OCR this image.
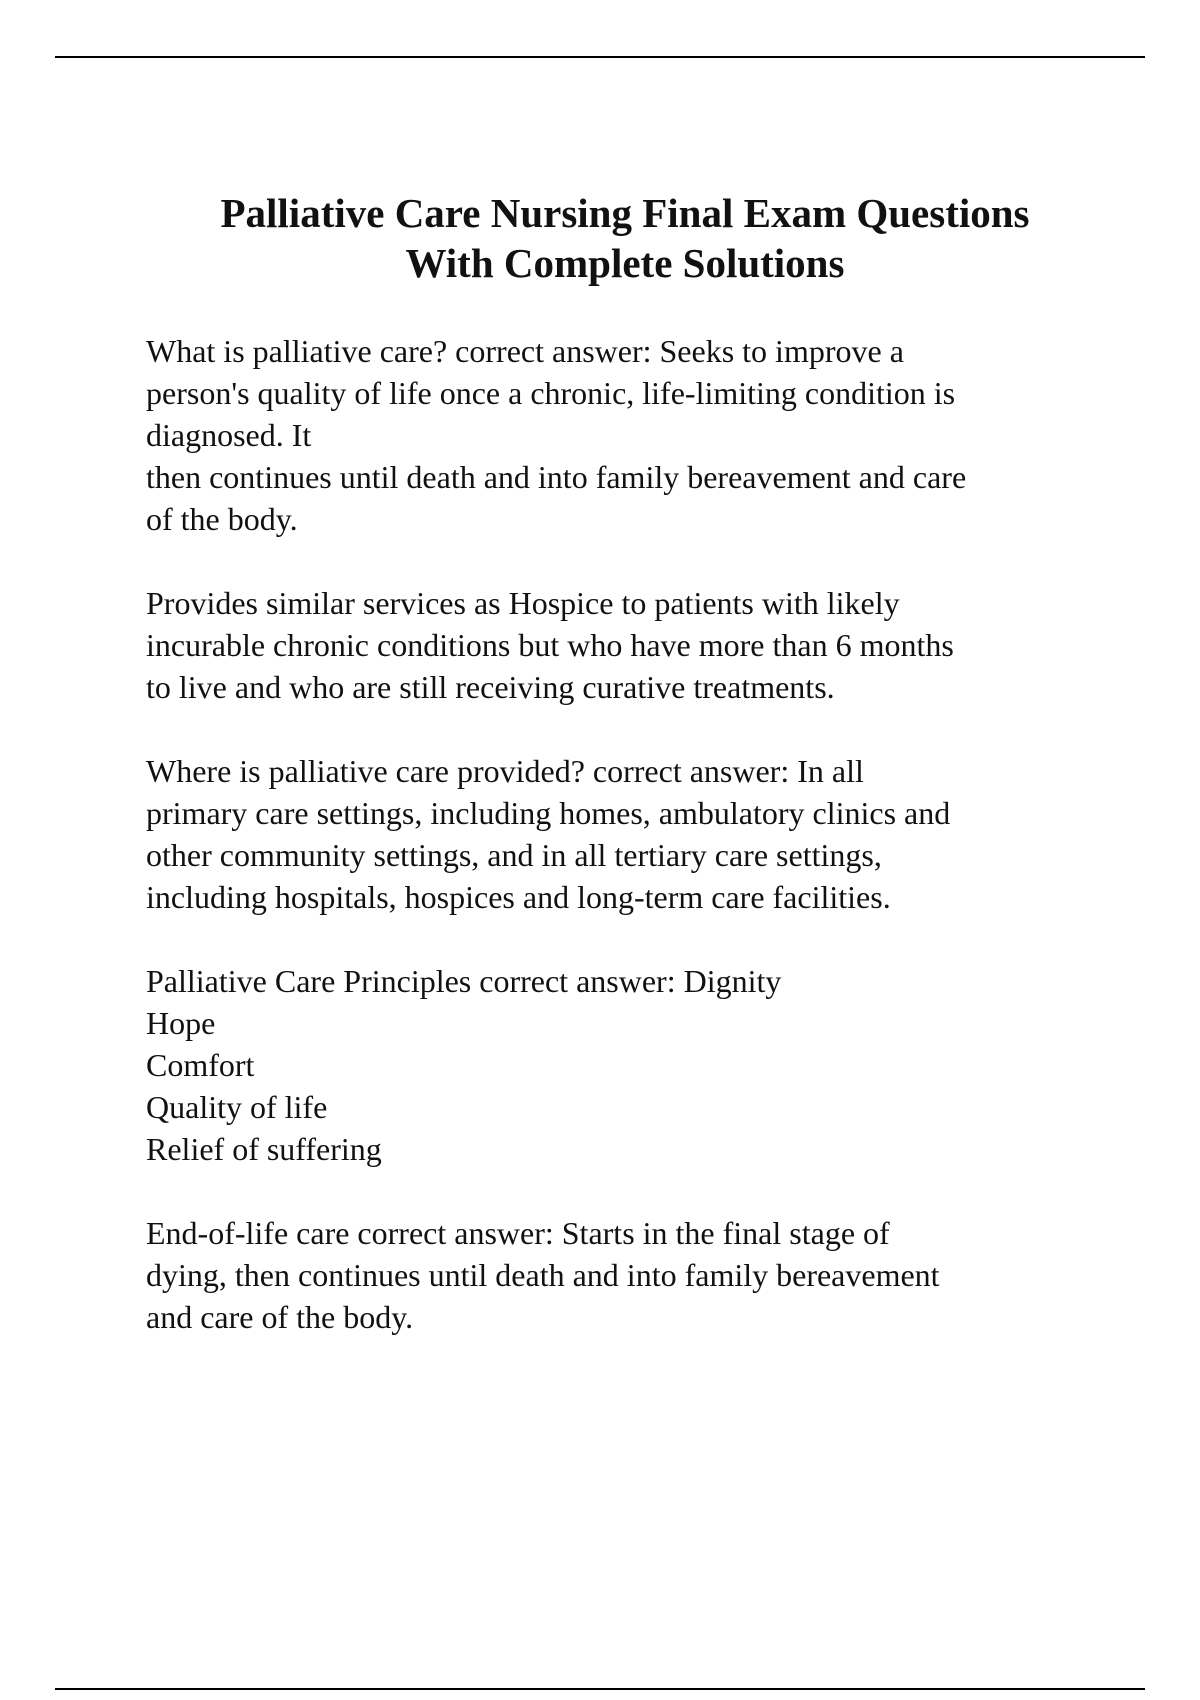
Palliative Care Nursing Final Exam Questions
With Complete Solutions

What is palliative care? correct answer: Seeks to improve a
person's quality of life once a chronic, life-limiting condition is
diagnosed. It
then continues until death and into family bereavement and care
of the body.

Provides similar services as Hospice to patients with likely
incurable chronic conditions but who have more than 6 months
to live and who are still receiving curative treatments.

Where is palliative care provided? correct answer: In all
primary care settings, including homes, ambulatory clinics and
other community settings, and in all tertiary care settings,
including hospitals, hospices and long-term care facilities.

Palliative Care Principles correct answer: Dignity
Hope
Comfort
Quality of life
Relief of suffering

End-of-life care correct answer: Starts in the final stage of
dying, then continues until death and into family bereavement
and care of the body.
